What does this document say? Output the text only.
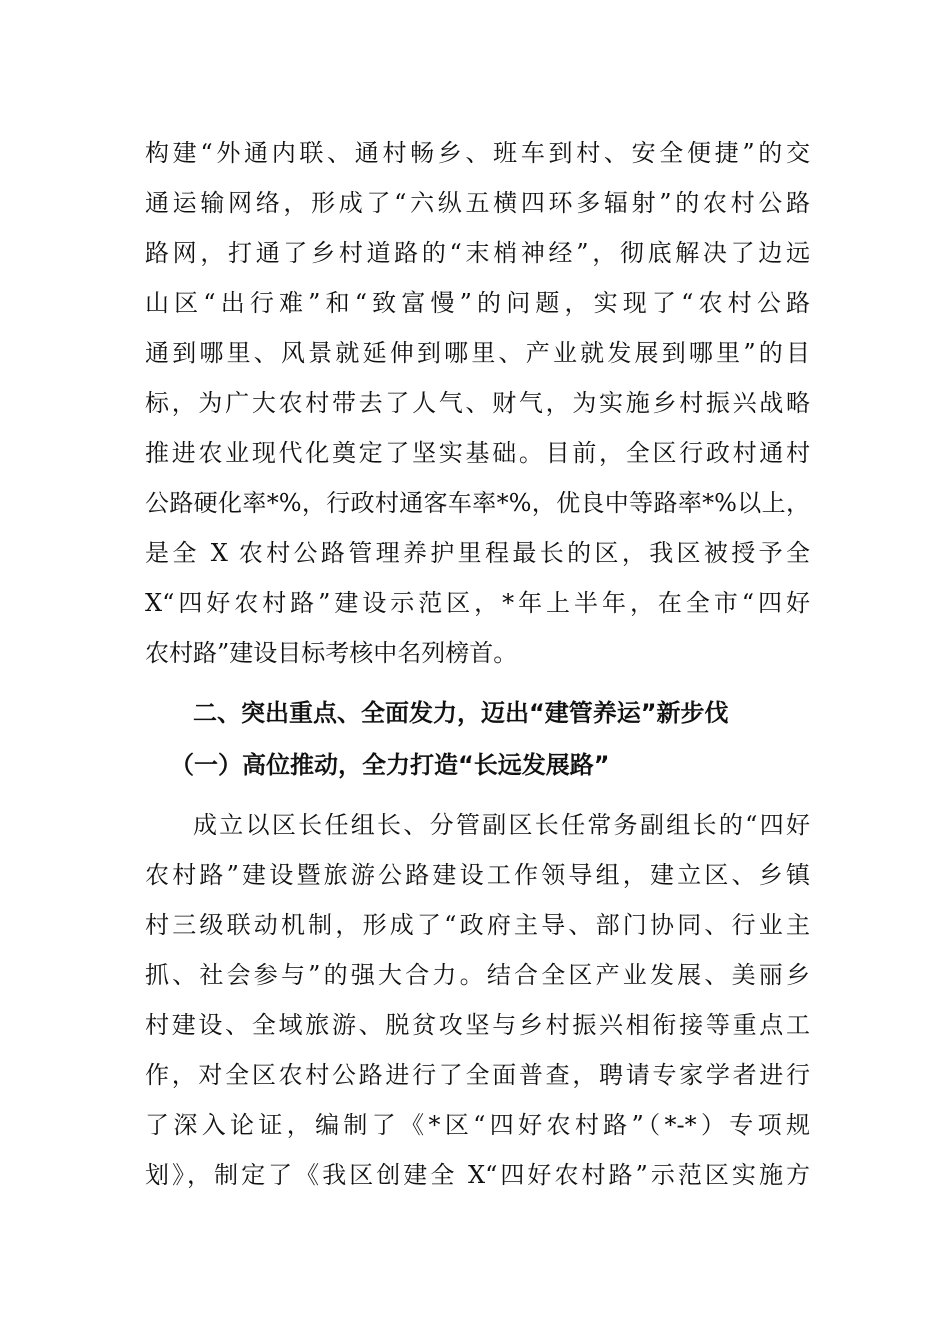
构建“外通内联、通村畅乡、班车到村、安全便捷”的交
通运输网络，形成了“六纵五横四环多辐射”的农村公路
路网，打通了乡村道路的“末梢神经”，彻底解决了边远
山区“出行难”和“致富慢”的问题，实现了“农村公路
通到哪里、风景就延伸到哪里、产业就发展到哪里”的目
标，为广大农村带去了人气、财气，为实施乡村振兴战略
推进农业现代化奠定了坚实基础。目前，全区行政村通村
公路硬化率*%，行政村通客车率*%，优良中等路率*%以上，
是全 X 农村公路管理养护里程最长的区，我区被授予全
X“四好农村路”建设示范区，*年上半年，在全市“四好
农村路”建设目标考核中名列榜首。
二、突出重点、全面发力，迈出“建管养运”新步伐
（一）高位推动，全力打造“长远发展路”
成立以区长任组长、分管副区长任常务副组长的“四好
农村路”建设暨旅游公路建设工作领导组，建立区、乡镇
村三级联动机制，形成了“政府主导、部门协同、行业主
抓、社会参与”的强大合力。结合全区产业发展、美丽乡
村建设、全域旅游、脱贫攻坚与乡村振兴相衔接等重点工
作，对全区农村公路进行了全面普查，聘请专家学者进行
了深入论证，编制了《*区“四好农村路”（*-*）专项规
划》，制定了《我区创建全 X“四好农村路”示范区实施方
